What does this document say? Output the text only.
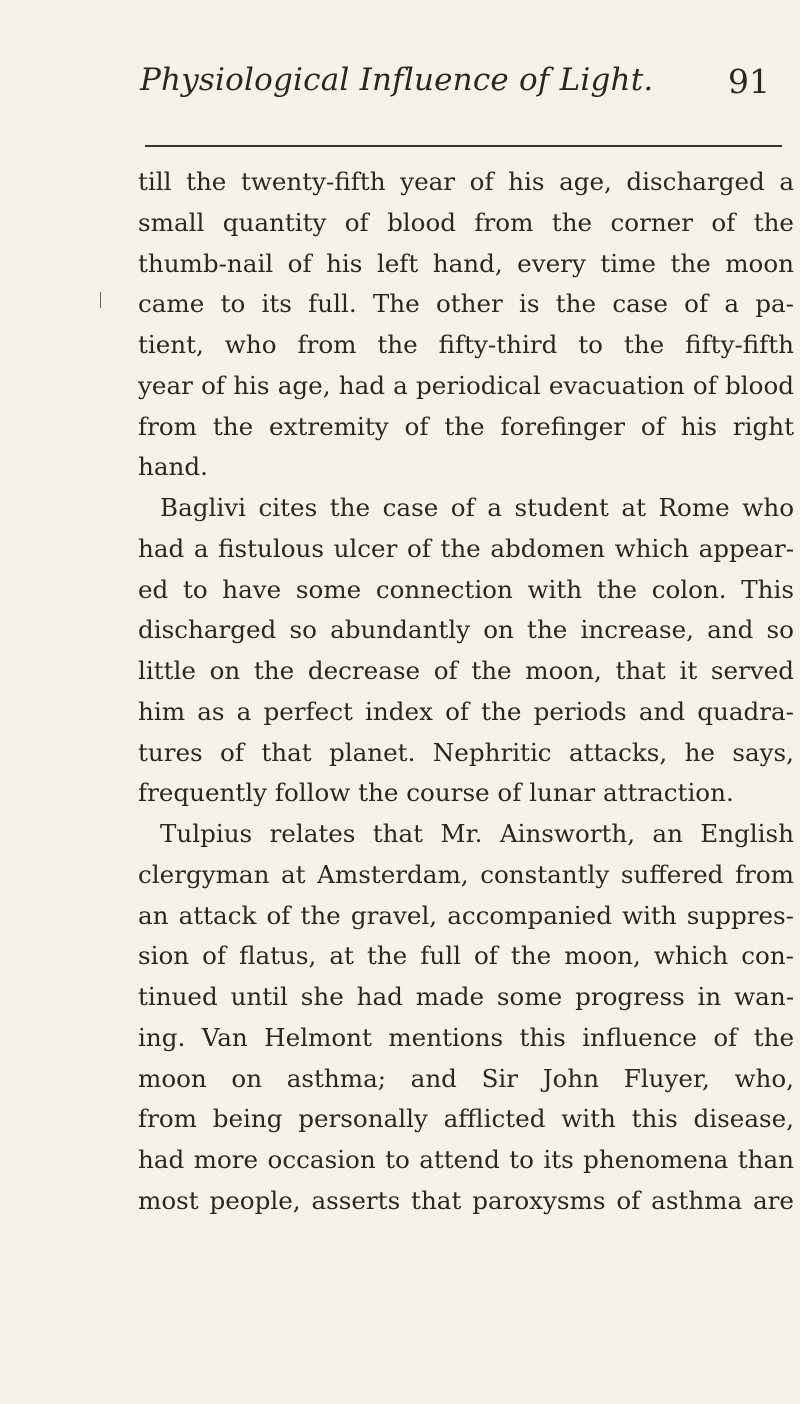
Physiological Influence of Light. 91
till the twenty-fifth year of his age, discharged a
small quantity of blood from the corner of the
thumb-nail of his left hand, every time the moon
came to its full. The other is the case of a pa-
tient, who from the fifty-third to the fifty-fifth
year of his age, had a periodical evacuation of blood
from the extremity of the forefinger of his right
hand.
Baglivi cites the case of a student at Rome who
had a fistulous ulcer of the abdomen which appear-
ed to have some connection with the colon. This
discharged so abundantly on the increase, and so
little on the decrease of the moon, that it served
him as a perfect index of the periods and quadra-
tures of that planet. Nephritic attacks, he says,
frequently follow the course of lunar attraction.
Tulpius relates that Mr. Ainsworth, an English
clergyman at Amsterdam, constantly suffered from
an attack of the gravel, accompanied with suppres-
sion of flatus, at the full of the moon, which con-
tinued until she had made some progress in wan-
ing. Van Helmont mentions this influence of the
moon on asthma; and Sir John Fluyer, who,
from being personally afflicted with this disease,
had more occasion to attend to its phenomena than
most people, asserts that paroxysms of asthma are
